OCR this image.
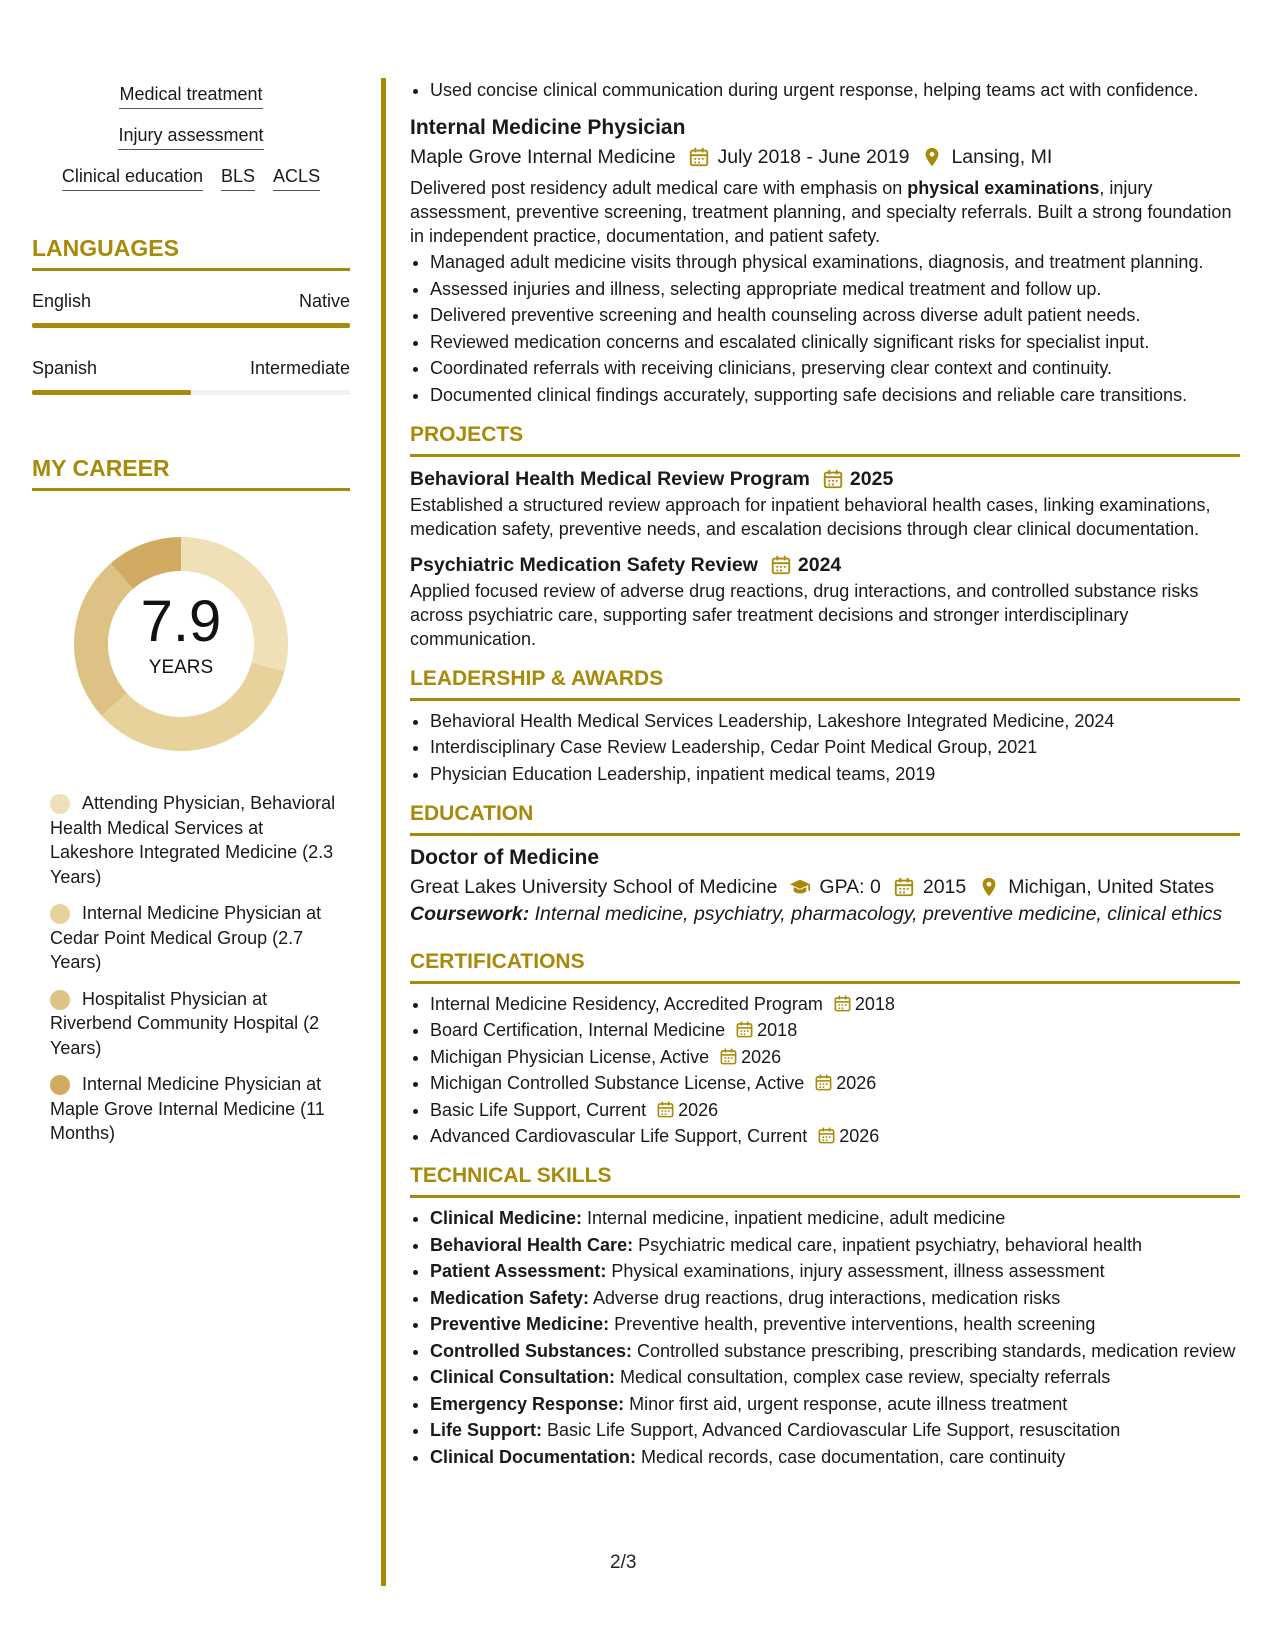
Medical treatment
Injury assessment
Clinical education BLS ACLS
LANGUAGES
English	Native
Spanish	Intermediate
MY CAREER
7.9
YEARS
Attending Physician, Behavioral Health Medical Services at Lakeshore Integrated Medicine (2.3 Years)
Internal Medicine Physician at Cedar Point Medical Group (2.7 Years)
Hospitalist Physician at Riverbend Community Hospital (2 Years)
Internal Medicine Physician at Maple Grove Internal Medicine (11 Months)
• Used concise clinical communication during urgent response, helping teams act with confidence.
Internal Medicine Physician
Maple Grove Internal Medicine July 2018 - June 2019 Lansing, MI
Delivered post residency adult medical care with emphasis on physical examinations, injury assessment, preventive screening, treatment planning, and specialty referrals. Built a strong foundation in independent practice, documentation, and patient safety.
• Managed adult medicine visits through physical examinations, diagnosis, and treatment planning.
• Assessed injuries and illness, selecting appropriate medical treatment and follow up.
• Delivered preventive screening and health counseling across diverse adult patient needs.
• Reviewed medication concerns and escalated clinically significant risks for specialist input.
• Coordinated referrals with receiving clinicians, preserving clear context and continuity.
• Documented clinical findings accurately, supporting safe decisions and reliable care transitions.
PROJECTS
Behavioral Health Medical Review Program 2025
Established a structured review approach for inpatient behavioral health cases, linking examinations, medication safety, preventive needs, and escalation decisions through clear clinical documentation.
Psychiatric Medication Safety Review 2024
Applied focused review of adverse drug reactions, drug interactions, and controlled substance risks across psychiatric care, supporting safer treatment decisions and stronger interdisciplinary communication.
LEADERSHIP & AWARDS
• Behavioral Health Medical Services Leadership, Lakeshore Integrated Medicine, 2024
• Interdisciplinary Case Review Leadership, Cedar Point Medical Group, 2021
• Physician Education Leadership, inpatient medical teams, 2019
EDUCATION
Doctor of Medicine
Great Lakes University School of Medicine GPA: 0 2015 Michigan, United States
Coursework: Internal medicine, psychiatry, pharmacology, preventive medicine, clinical ethics
CERTIFICATIONS
• Internal Medicine Residency, Accredited Program 2018
• Board Certification, Internal Medicine 2018
• Michigan Physician License, Active 2026
• Michigan Controlled Substance License, Active 2026
• Basic Life Support, Current 2026
• Advanced Cardiovascular Life Support, Current 2026
TECHNICAL SKILLS
• Clinical Medicine: Internal medicine, inpatient medicine, adult medicine
• Behavioral Health Care: Psychiatric medical care, inpatient psychiatry, behavioral health
• Patient Assessment: Physical examinations, injury assessment, illness assessment
• Medication Safety: Adverse drug reactions, drug interactions, medication risks
• Preventive Medicine: Preventive health, preventive interventions, health screening
• Controlled Substances: Controlled substance prescribing, prescribing standards, medication review
• Clinical Consultation: Medical consultation, complex case review, specialty referrals
• Emergency Response: Minor first aid, urgent response, acute illness treatment
• Life Support: Basic Life Support, Advanced Cardiovascular Life Support, resuscitation
• Clinical Documentation: Medical records, case documentation, care continuity
2/3
